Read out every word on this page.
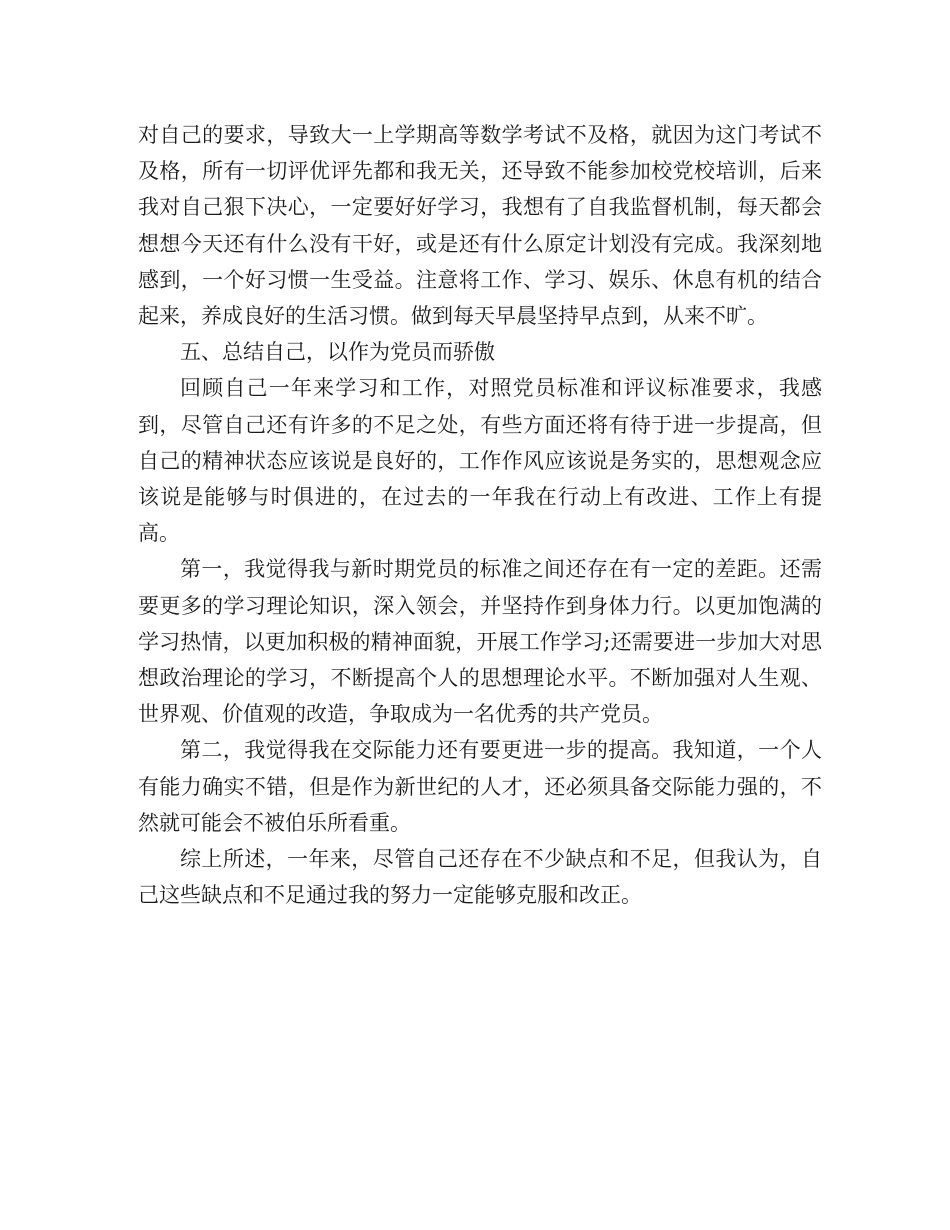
对自己的要求，导致大一上学期高等数学考试不及格，就因为这门考试不及格，所有一切评优评先都和我无关，还导致不能参加校党校培训，后来我对自己狠下决心，一定要好好学习，我想有了自我监督机制，每天都会想想今天还有什么没有干好，或是还有什么原定计划没有完成。我深刻地感到，一个好习惯一生受益。注意将工作、学习、娱乐、休息有机的结合起来，养成良好的生活习惯。做到每天早晨坚持早点到，从来不旷。

五、总结自己，以作为党员而骄傲

回顾自己一年来学习和工作，对照党员标准和评议标准要求，我感到，尽管自己还有许多的不足之处，有些方面还将有待于进一步提高，但自己的精神状态应该说是良好的，工作作风应该说是务实的，思想观念应该说是能够与时俱进的，在过去的一年我在行动上有改进、工作上有提高。

第一，我觉得我与新时期党员的标准之间还存在有一定的差距。还需要更多的学习理论知识，深入领会，并坚持作到身体力行。以更加饱满的学习热情，以更加积极的精神面貌，开展工作学习;还需要进一步加大对思想政治理论的学习，不断提高个人的思想理论水平。不断加强对人生观、世界观、价值观的改造，争取成为一名优秀的共产党员。

第二，我觉得我在交际能力还有要更进一步的提高。我知道，一个人有能力确实不错，但是作为新世纪的人才，还必须具备交际能力强的，不然就可能会不被伯乐所看重。

综上所述，一年来，尽管自己还存在不少缺点和不足，但我认为，自己这些缺点和不足通过我的努力一定能够克服和改正。
